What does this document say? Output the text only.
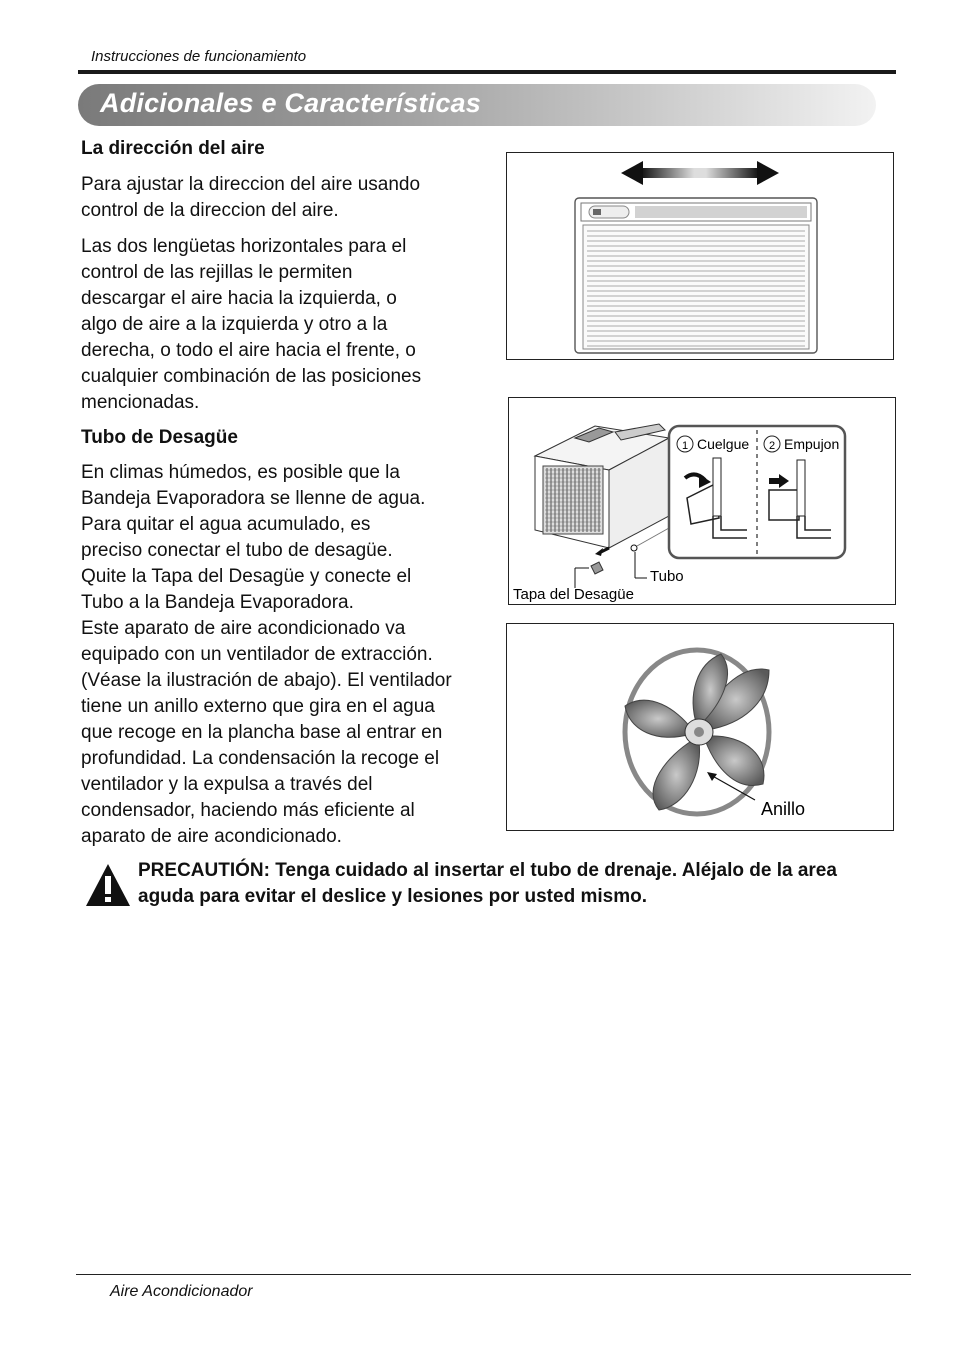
Instrucciones de funcionamiento
Adicionales e Características
La dirección del aire
Para ajustar la direccion del aire usando
control de la direccion del aire.
Las dos lengüetas horizontales para el
control de las rejillas le permiten
descargar el aire hacia la izquierda, o
algo de aire a la izquierda y otro a la
derecha, o todo el aire hacia el frente, o
cualquier combinación de las posiciones
mencionadas.
Tubo de Desagüe
En climas húmedos, es posible que la
Bandeja Evaporadora se llenne de agua.
Para quitar el agua acumulado, es
preciso conectar el tubo de desagüe.
Quite la Tapa del Desagüe y conecte el
Tubo a la Bandeja Evaporadora.
Este aparato de aire acondicionado va
equipado con un ventilador de extracción.
(Véase la ilustración de abajo). El ventilador
tiene un anillo externo que gira en el agua
que recoge en la plancha base al entrar en
profundidad. La condensación la recoge el
ventilador y la expulsa a través del
condensador, haciendo más eficiente al
aparato de aire acondicionado.
1 Cuelgue 2 Empujon
Tubo
Tapa del Desagüe
Anillo
PRECAUTIÓN: Tenga cuidado al insertar el tubo de drenaje. Aléjalo de la area aguda para evitar el deslice y lesiones por usted mismo.
Aire Acondicionador
